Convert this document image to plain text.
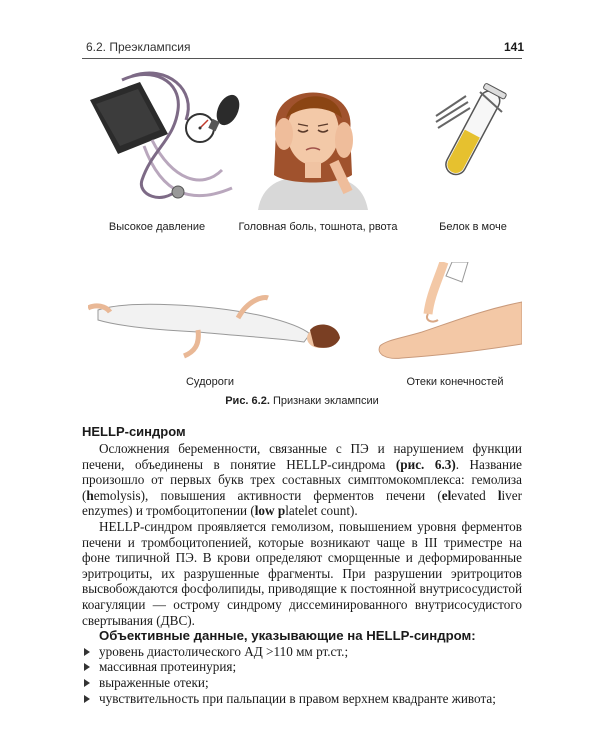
6.2. Преэклампсия	141
Высокое давление	Головная боль, тошнота, рвота	Белок в моче
Судороги	Отеки конечностей
Рис. 6.2. Признаки эклампсии
HELLP-синдром

Осложнения беременности, связанные с ПЭ и нарушением функции печени, объединены в понятие HELLP-синдрома (рис. 6.3). Название произошло от первых букв трех составных симптомокомплекса: гемолиза (hemolysis), повышения активности ферментов печени (elevated liver enzymes) и тромбоцитопении (low platelet count).

HELLP-синдром проявляется гемолизом, повышением уровня ферментов печени и тромбоцитопенией, которые возникают чаще в III триместре на фоне типичной ПЭ. В крови определяют сморщенные и деформированные эритроциты, их разрушенные фрагменты. При разрушении эритроцитов высвобождаются фосфолипиды, приводящие к постоянной внутрисосудистой коагуляции — острому синдрому диссеминированного внутрисосудистого свертывания (ДВС).

Объективные данные, указывающие на HELLP-синдром:

уровень диастолического АД >110 мм рт.ст.;
массивная протеинурия;
выраженные отеки;
чувствительность при пальпации в правом верхнем квадранте живота;
